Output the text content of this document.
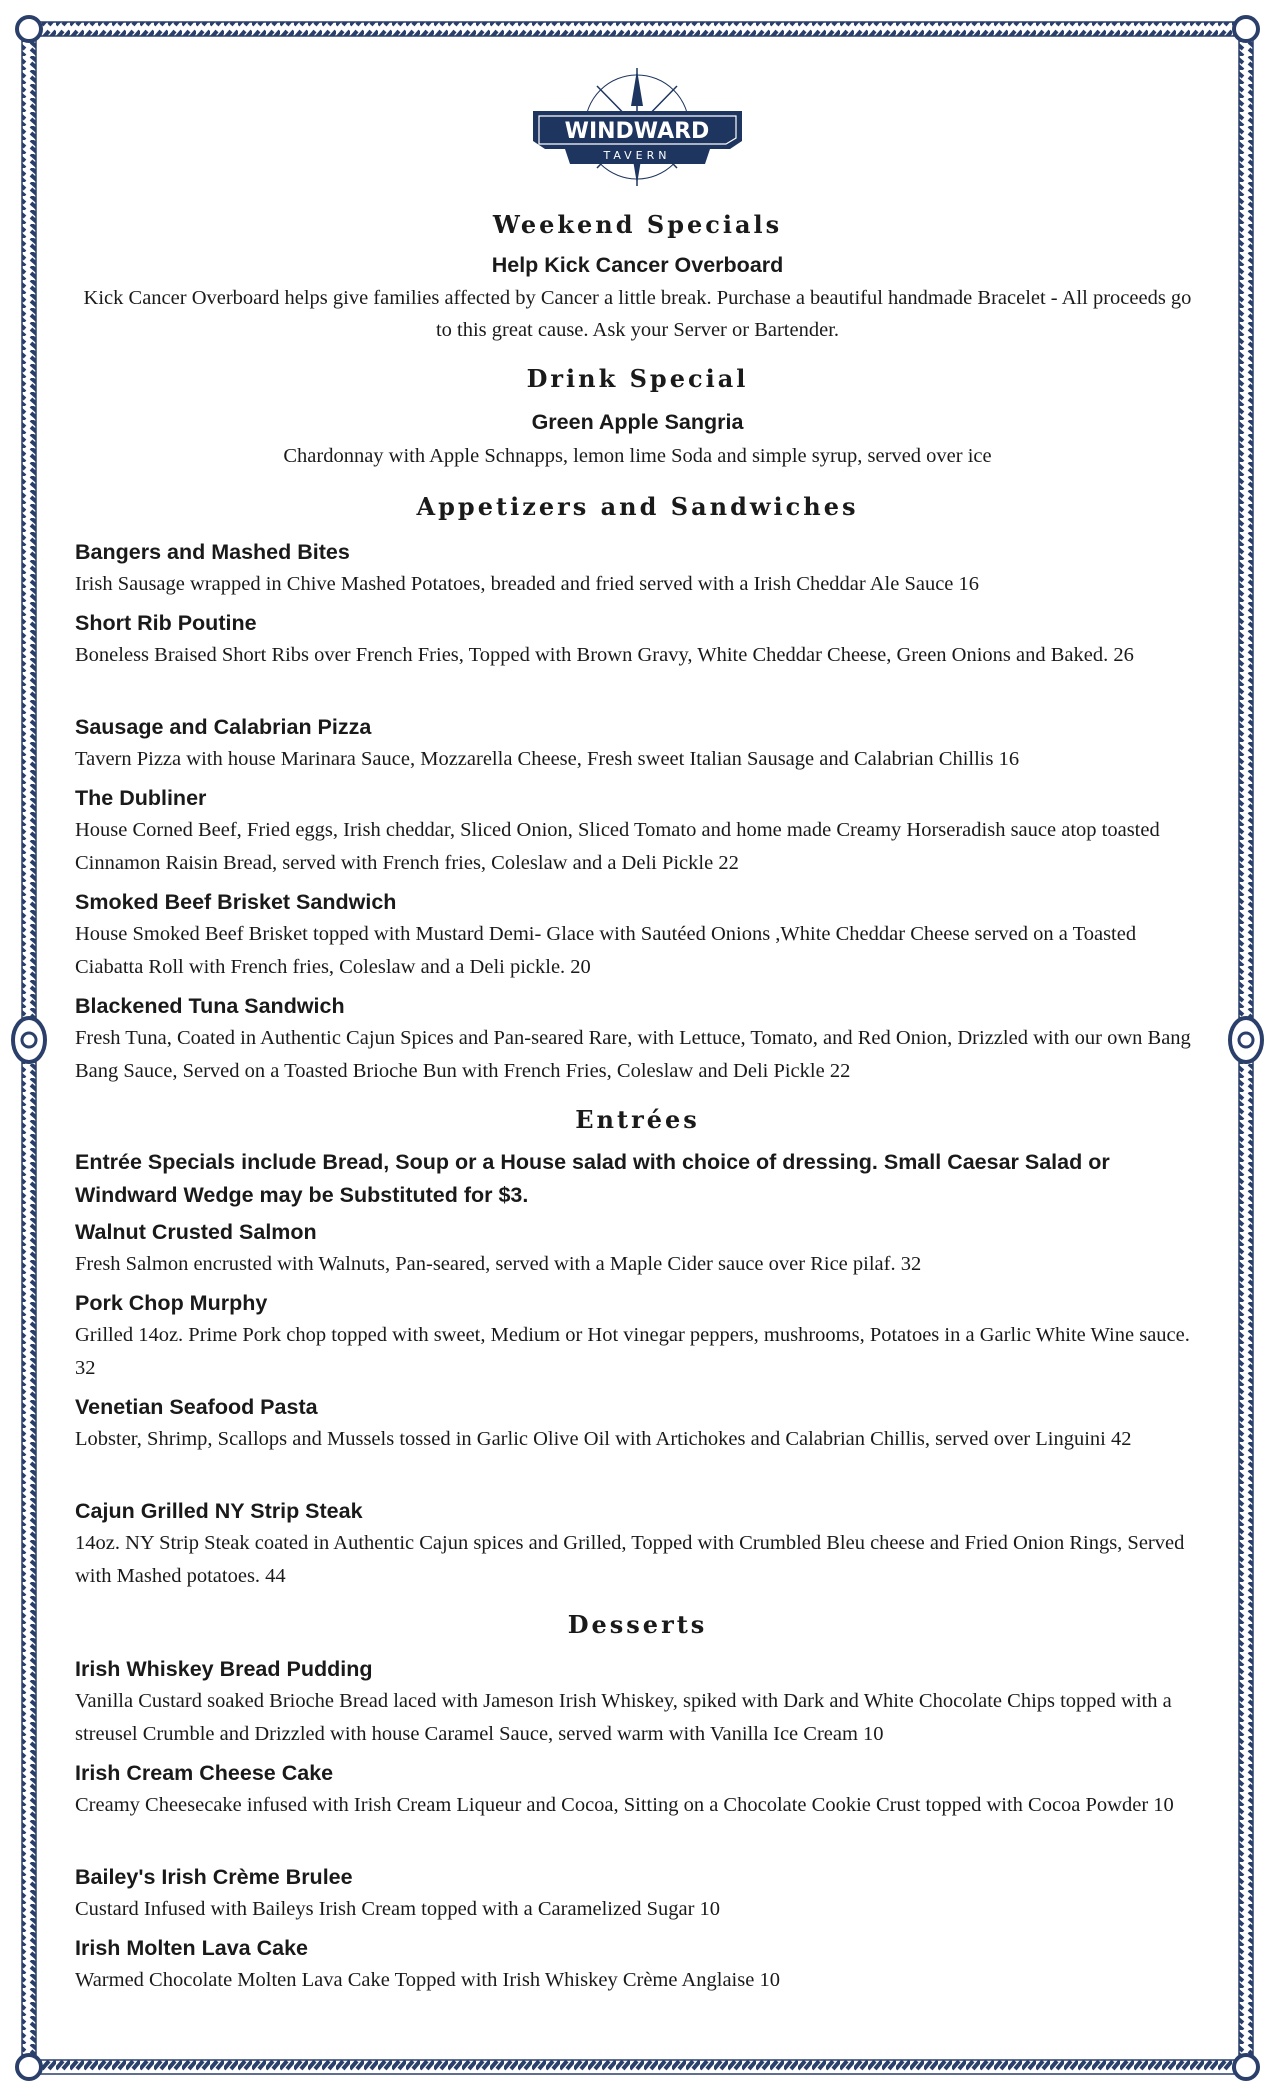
WINDWARD
TAVERN
Weekend Specials
Help Kick Cancer Overboard
Kick Cancer Overboard helps give families affected by Cancer a little break. Purchase a beautiful handmade Bracelet - All proceeds go to this great cause. Ask your Server or Bartender.
Drink Special
Green Apple Sangria
Chardonnay with Apple Schnapps, lemon lime Soda and simple syrup, served over ice
Appetizers and Sandwiches
Bangers and Mashed Bites
Irish Sausage wrapped in Chive Mashed Potatoes, breaded and fried served with a Irish Cheddar Ale Sauce 16
Short Rib Poutine
Boneless Braised Short Ribs over French Fries, Topped with Brown Gravy, White Cheddar Cheese, Green Onions and Baked. 26
Sausage and Calabrian Pizza
Tavern Pizza with house Marinara Sauce, Mozzarella Cheese, Fresh sweet Italian Sausage and Calabrian Chillis 16
The Dubliner
House Corned Beef, Fried eggs, Irish cheddar, Sliced Onion, Sliced Tomato and home made Creamy Horseradish sauce atop toasted Cinnamon Raisin Bread, served with French fries, Coleslaw and a Deli Pickle 22
Smoked Beef Brisket Sandwich
House Smoked Beef Brisket topped with Mustard Demi- Glace with Sautéed Onions ,White Cheddar Cheese served on a Toasted Ciabatta Roll with French fries, Coleslaw and a Deli pickle. 20
Blackened Tuna Sandwich
Fresh Tuna, Coated in Authentic Cajun Spices and Pan-seared Rare, with Lettuce, Tomato, and Red Onion, Drizzled with our own Bang Bang Sauce, Served on a Toasted Brioche Bun with French Fries, Coleslaw and Deli Pickle 22
Entrées
Entrée Specials include Bread, Soup or a House salad with choice of dressing. Small Caesar Salad or Windward Wedge may be Substituted for $3.
Walnut Crusted Salmon
Fresh Salmon encrusted with Walnuts, Pan-seared, served with a Maple Cider sauce over Rice pilaf. 32
Pork Chop Murphy
Grilled 14oz. Prime Pork chop topped with sweet, Medium or Hot vinegar peppers, mushrooms, Potatoes in a Garlic White Wine sauce. 32
Venetian Seafood Pasta
Lobster, Shrimp, Scallops and Mussels tossed in Garlic Olive Oil with Artichokes and Calabrian Chillis, served over Linguini 42
Cajun Grilled NY Strip Steak
14oz. NY Strip Steak coated in Authentic Cajun spices and Grilled, Topped with Crumbled Bleu cheese and Fried Onion Rings, Served with Mashed potatoes. 44
Desserts
Irish Whiskey Bread Pudding
Vanilla Custard soaked Brioche Bread laced with Jameson Irish Whiskey, spiked with Dark and White Chocolate Chips topped with a streusel Crumble and Drizzled with house Caramel Sauce, served warm with Vanilla Ice Cream 10
Irish Cream Cheese Cake
Creamy Cheesecake infused with Irish Cream Liqueur and Cocoa, Sitting on a Chocolate Cookie Crust topped with Cocoa Powder 10
Bailey's Irish Crème Brulee
Custard Infused with Baileys Irish Cream topped with a Caramelized Sugar 10
Irish Molten Lava Cake
Warmed Chocolate Molten Lava Cake Topped with Irish Whiskey Crème Anglaise 10
